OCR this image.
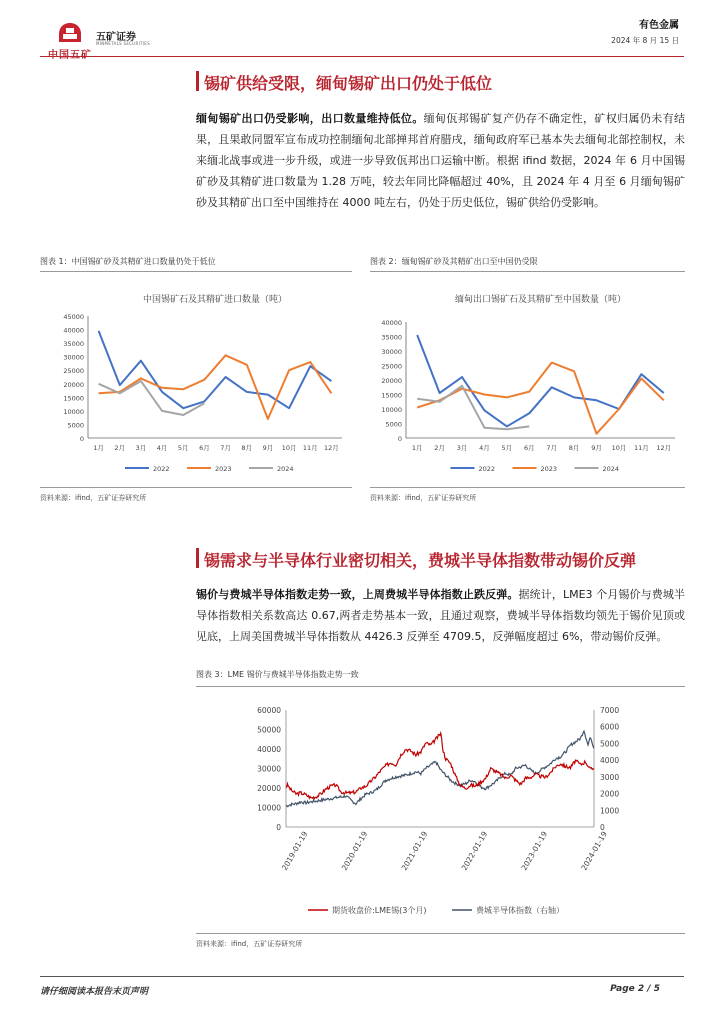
中国五矿
五矿证券
MINMETALS SECURITIES
有色金属
2024 年 8 月 15 日
锡矿供给受限，缅甸锡矿出口仍处于低位
缅甸锡矿出口仍受影响，出口数量维持低位。缅甸佤邦锡矿复产仍存不确定性，矿权归属仍未有结果，且果敢同盟军宣布成功控制缅甸北部掸邦首府腊戌，缅甸政府军已基本失去缅甸北部控制权，未来缅北战事或进一步升级，或进一步导致佤邦出口运输中断。根据 ifind 数据，2024 年 6 月中国锡矿砂及其精矿进口数量为 1.28 万吨，较去年同比降幅超过 40%，且 2024 年 4 月至 6 月缅甸锡矿砂及其精矿出口至中国维持在 4000 吨左右，仍处于历史低位，锡矿供给仍受影响。
图表 1：中国锡矿砂及其精矿进口数量仍处于低位	图表 2：缅甸锡矿砂及其精矿出口至中国仍受限
中国锡矿石及其精矿进口数量（吨）
0
5000
10000
15000
20000
25000
30000
35000
40000
45000
1月 2月 3月 4月 5月 6月 7月 8月 9月 10月 11月 12月
2022	2023	2024
缅甸出口锡矿石及其精矿至中国数量（吨）
0
5000
10000
15000
20000
25000
30000
35000
40000
1月 2月 3月 4月 5月 6月 7月 8月 9月 10月 11月 12月
2022	2023	2024
资料来源：ifind，五矿证券研究所	资料来源：ifind，五矿证券研究所
锡需求与半导体行业密切相关，费城半导体指数带动锡价反弹
锡价与费城半导体指数走势一致，上周费城半导体指数止跌反弹。据统计，LME3 个月锡价与费城半导体指数相关系数高达 0.67,两者走势基本一致，且通过观察，费城半导体指数均领先于锡价见顶或见底，上周美国费城半导体指数从 4426.3 反弹至 4709.5，反弹幅度超过 6%，带动锡价反弹。
图表 3：LME 锡价与费城半导体指数走势一致
0
10000
20000
30000
40000
50000
60000
0
1000
2000
3000
4000
5000
6000
7000
2019-01-19	2020-01-19	2021-01-19	2022-01-19	2023-01-19	2024-01-19
期货收盘价:LME锡(3个月)	费城半导体指数（右轴）
资料来源：ifind，五矿证券研究所
请仔细阅读本报告末页声明	Page 2 / 5
